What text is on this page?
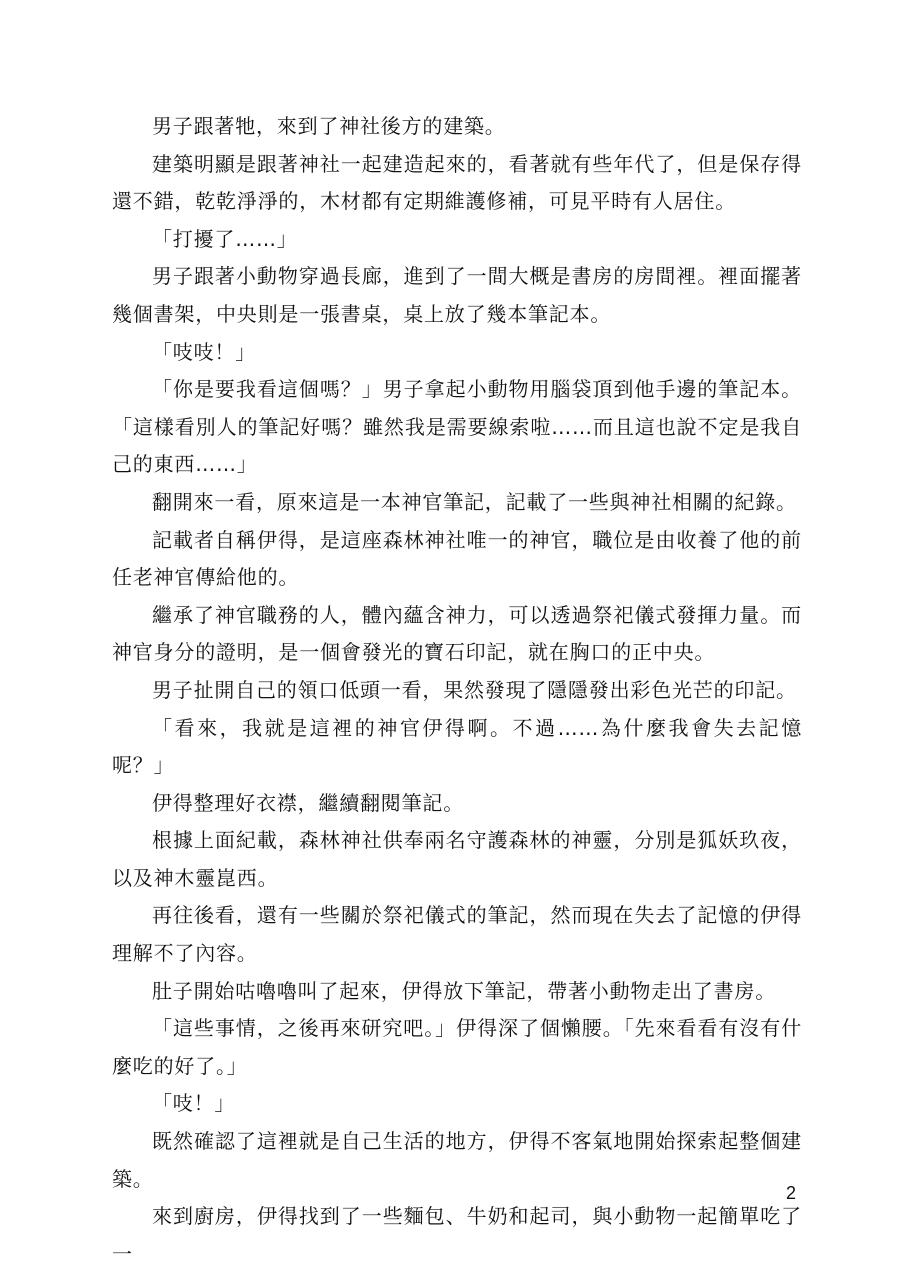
男子跟著牠，來到了神社後方的建築。

建築明顯是跟著神社一起建造起來的，看著就有些年代了，但是保存得還不錯，乾乾淨淨的，木材都有定期維護修補，可見平時有人居住。

「打擾了……」

男子跟著小動物穿過長廊，進到了一間大概是書房的房間裡。裡面擺著幾個書架，中央則是一張書桌，桌上放了幾本筆記本。

「吱吱！」

「你是要我看這個嗎？」男子拿起小動物用腦袋頂到他手邊的筆記本。「這樣看別人的筆記好嗎？雖然我是需要線索啦……而且這也說不定是我自己的東西……」

翻開來一看，原來這是一本神官筆記，記載了一些與神社相關的紀錄。

記載者自稱伊得，是這座森林神社唯一的神官，職位是由收養了他的前任老神官傳給他的。

繼承了神官職務的人，體內蘊含神力，可以透過祭祀儀式發揮力量。而神官身分的證明，是一個會發光的寶石印記，就在胸口的正中央。

男子扯開自己的領口低頭一看，果然發現了隱隱發出彩色光芒的印記。

「看來，我就是這裡的神官伊得啊。不過……為什麼我會失去記憶呢？」

伊得整理好衣襟，繼續翻閱筆記。

根據上面紀載，森林神社供奉兩名守護森林的神靈，分別是狐妖玖夜，以及神木靈崑西。

再往後看，還有一些關於祭祀儀式的筆記，然而現在失去了記憶的伊得理解不了內容。

肚子開始咕嚕嚕叫了起來，伊得放下筆記，帶著小動物走出了書房。

「這些事情，之後再來研究吧。」伊得深了個懶腰。「先來看看有沒有什麼吃的好了。」

「吱！」

既然確認了這裡就是自己生活的地方，伊得不客氣地開始探索起整個建築。

來到廚房，伊得找到了一些麵包、牛奶和起司，與小動物一起簡單吃了一

2
